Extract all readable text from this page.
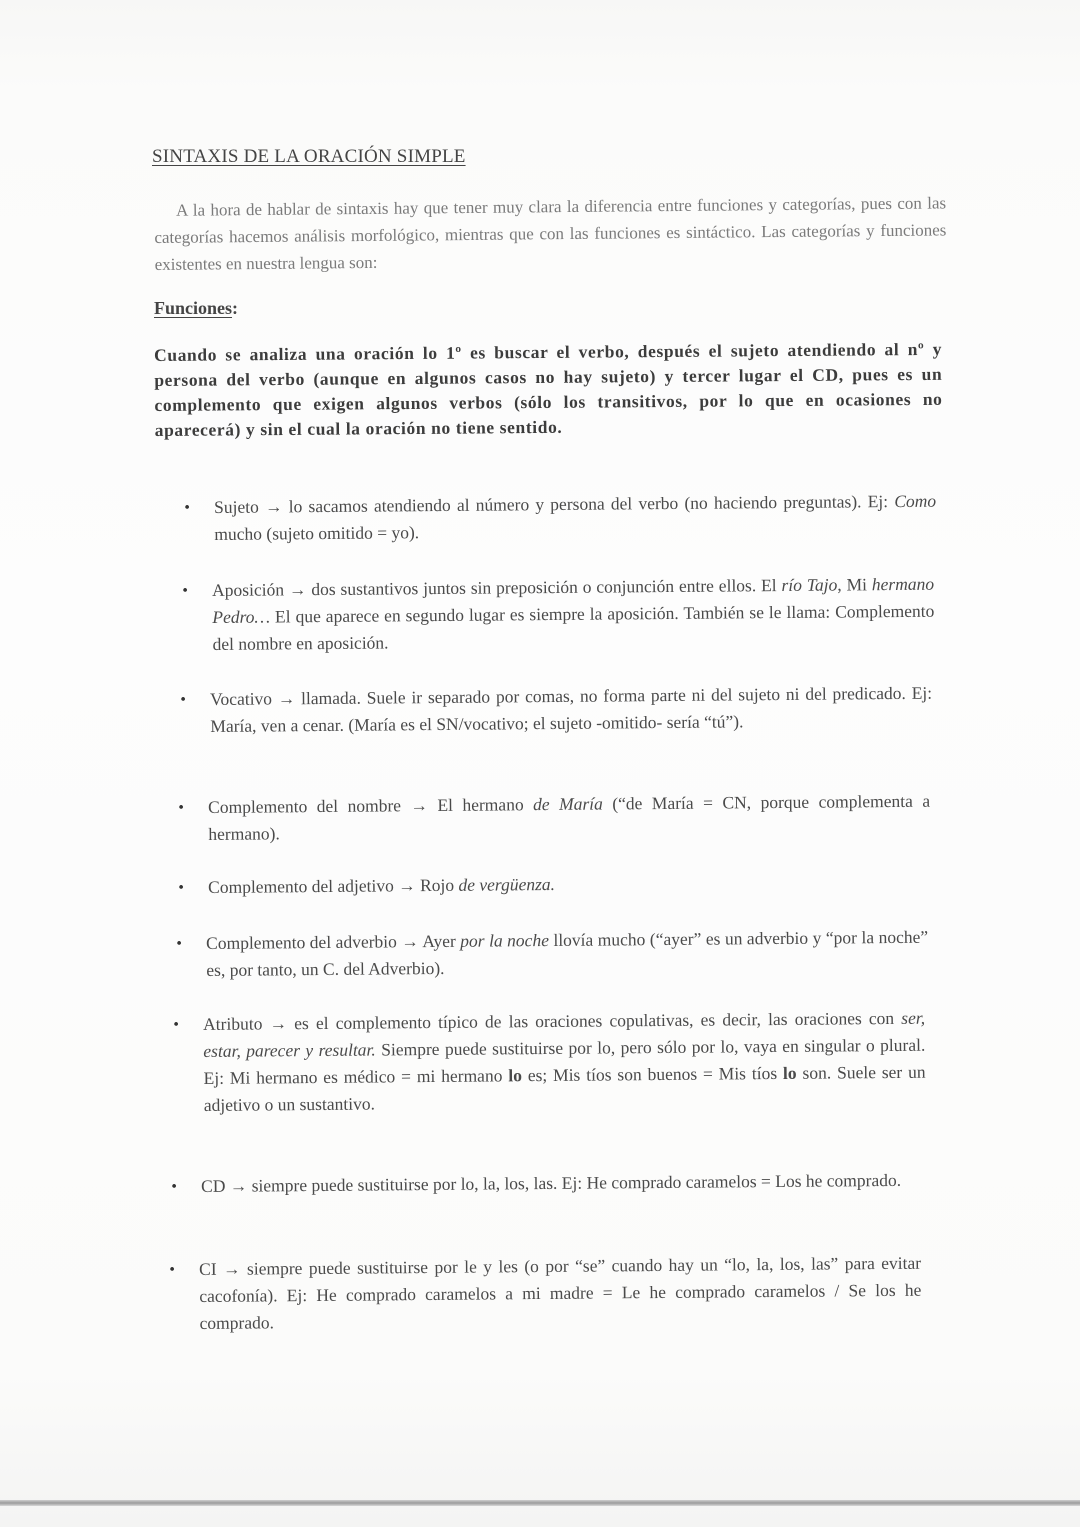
SINTAXIS DE LA ORACIÓN SIMPLE

A la hora de hablar de sintaxis hay que tener muy clara la diferencia entre funciones y categorías, pues con las categorías hacemos análisis morfológico, mientras que con las funciones es sintáctico. Las categorías y funciones existentes en nuestra lengua son:

Funciones:

Cuando se analiza una oración lo 1º es buscar el verbo, después el sujeto atendiendo al nº y persona del verbo (aunque en algunos casos no hay sujeto) y tercer lugar el CD, pues es un complemento que exigen algunos verbos (sólo los transitivos, por lo que en ocasiones no aparecerá) y sin el cual la oración no tiene sentido.

• Sujeto → lo sacamos atendiendo al número y persona del verbo (no haciendo preguntas). Ej: Como mucho (sujeto omitido = yo).
• Aposición → dos sustantivos juntos sin preposición o conjunción entre ellos. El río Tajo, Mi hermano Pedro… El que aparece en segundo lugar es siempre la aposición. También se le llama: Complemento del nombre en aposición.
• Vocativo → llamada. Suele ir separado por comas, no forma parte ni del sujeto ni del predicado. Ej: María, ven a cenar. (María es el SN/vocativo; el sujeto -omitido- sería “tú”).
• Complemento del nombre → El hermano de María (“de María = CN, porque complementa a hermano).
• Complemento del adjetivo → Rojo de vergüenza.
• Complemento del adverbio → Ayer por la noche llovía mucho (“ayer” es un adverbio y “por la noche” es, por tanto, un C. del Adverbio).
• Atributo → es el complemento típico de las oraciones copulativas, es decir, las oraciones con ser, estar, parecer y resultar. Siempre puede sustituirse por lo, pero sólo por lo, vaya en singular o plural. Ej: Mi hermano es médico = mi hermano lo es; Mis tíos son buenos = Mis tíos lo son. Suele ser un adjetivo o un sustantivo.
• CD → siempre puede sustituirse por lo, la, los, las. Ej: He comprado caramelos = Los he comprado.
• CI → siempre puede sustituirse por le y les (o por “se” cuando hay un “lo, la, los, las” para evitar cacofonía). Ej: He comprado caramelos a mi madre = Le he comprado caramelos / Se los he comprado.
